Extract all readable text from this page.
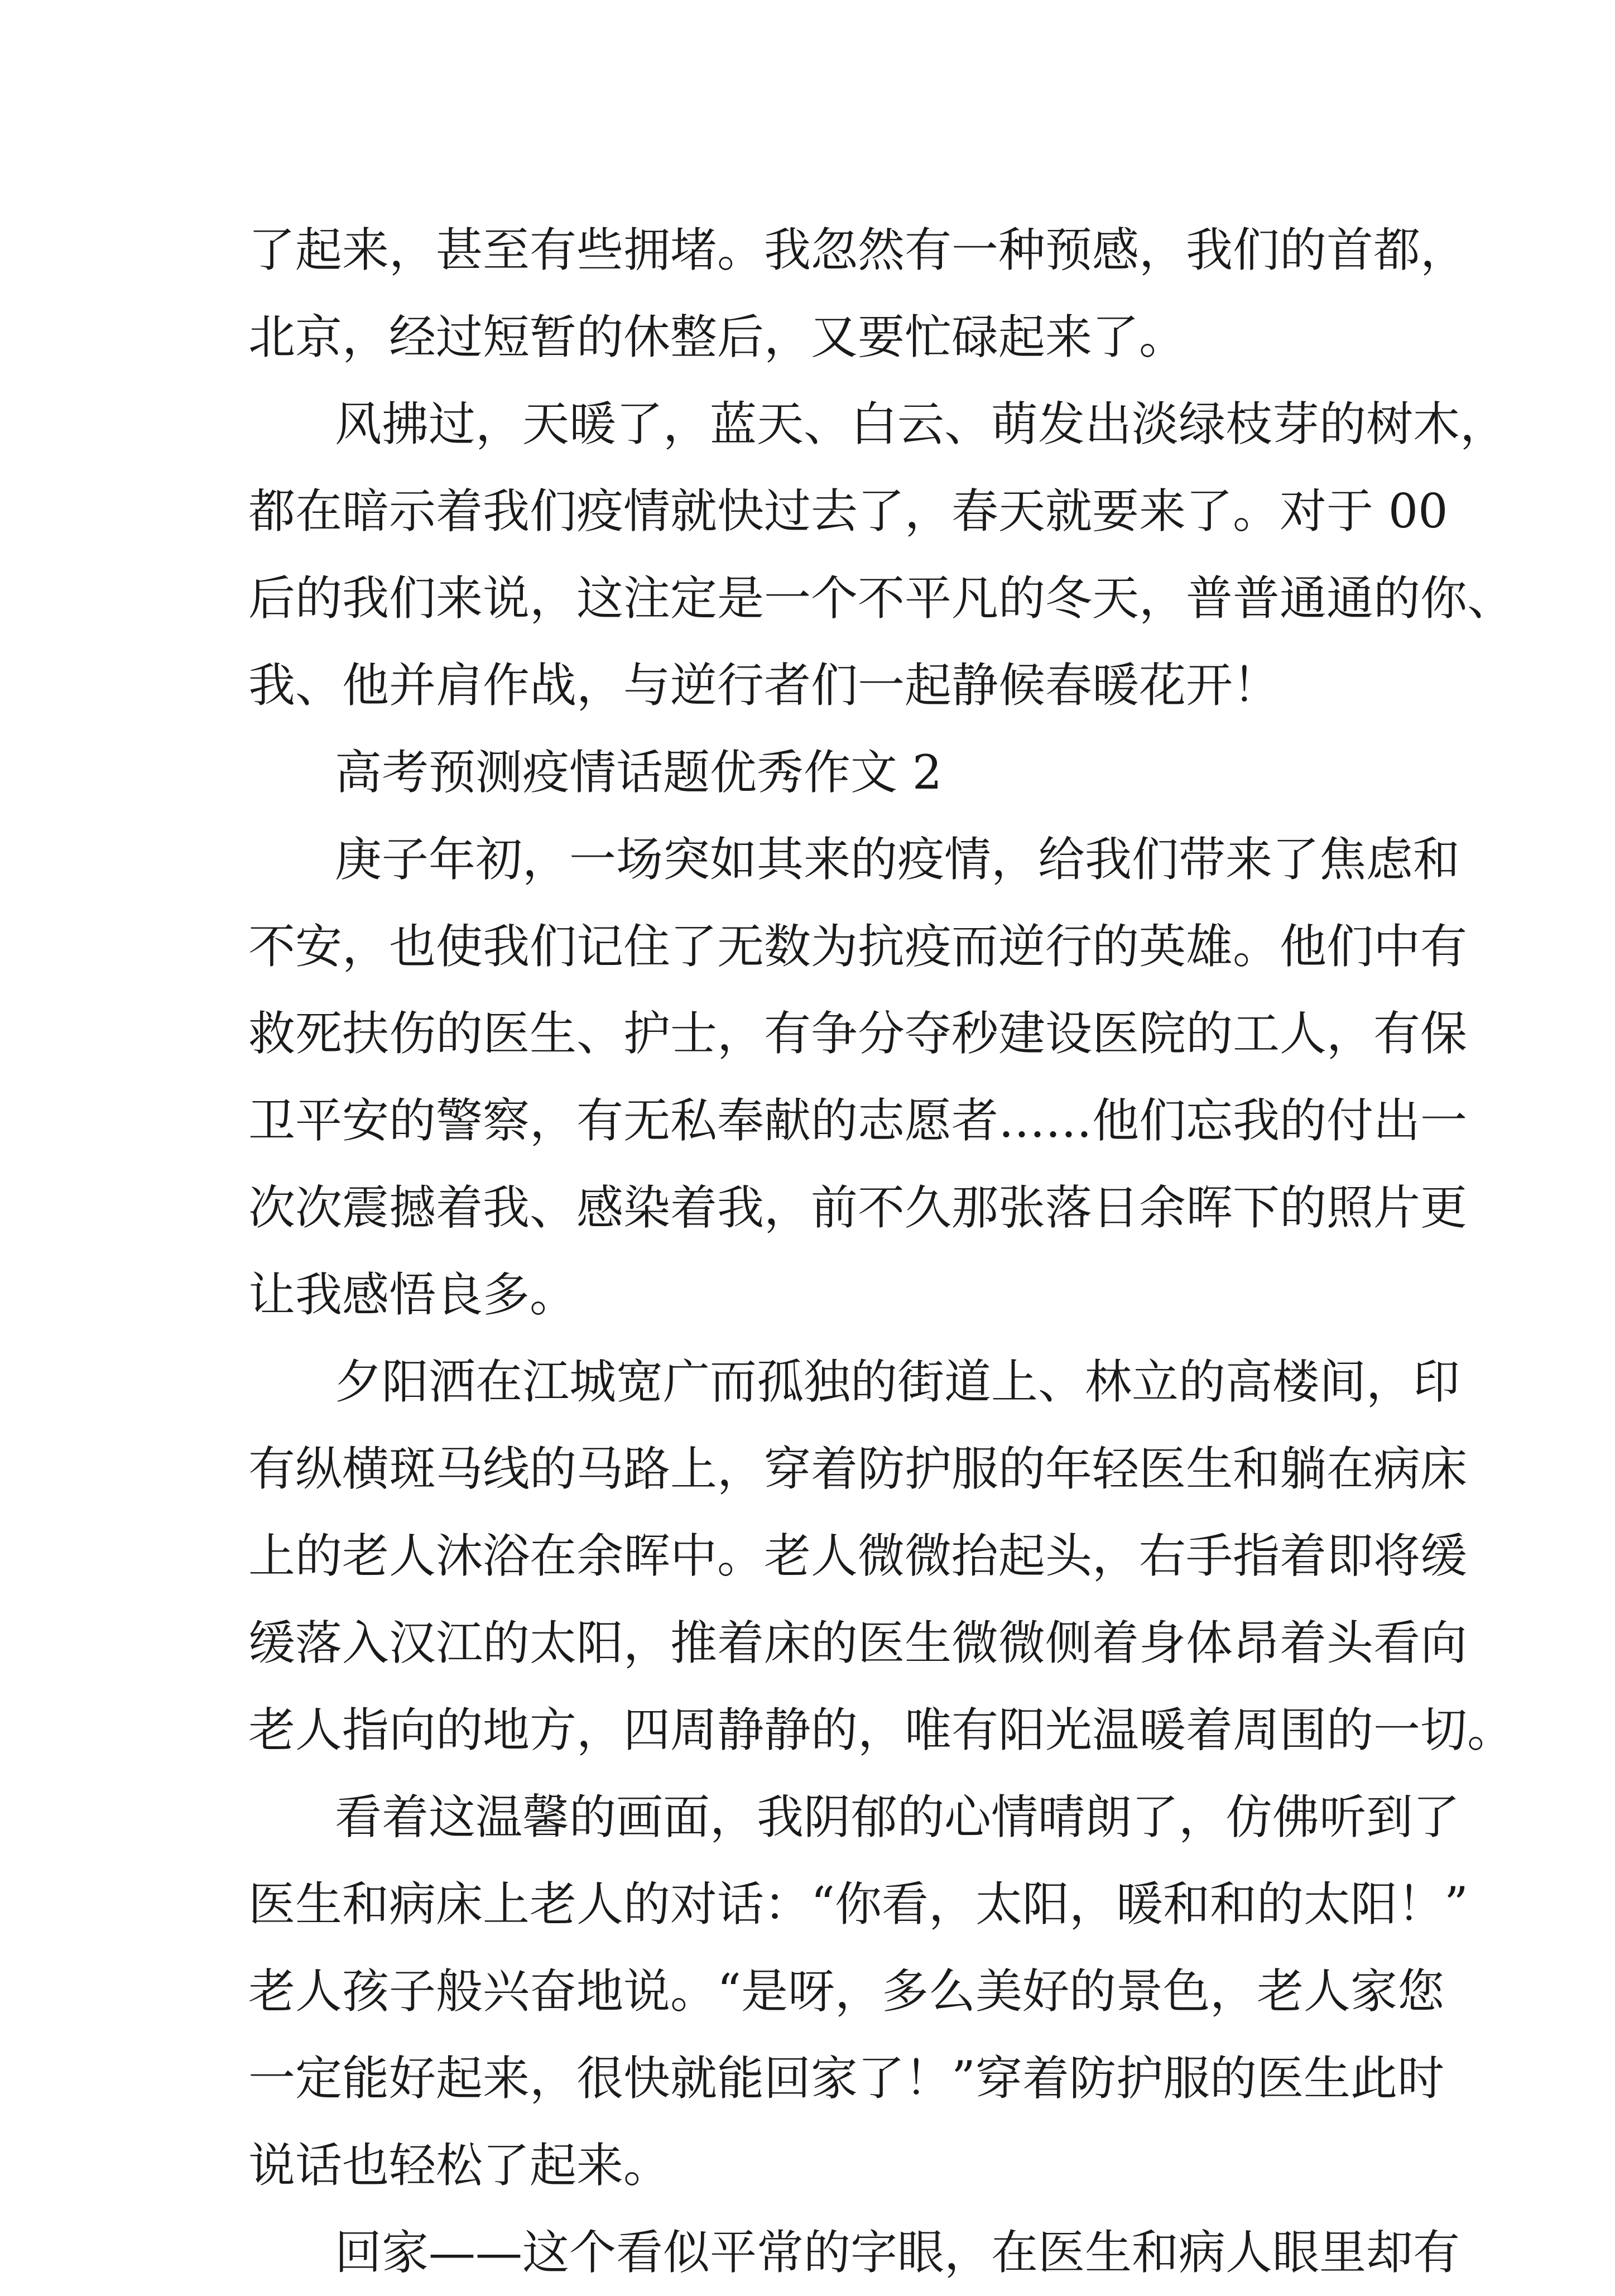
了起来，甚至有些拥堵。我忽然有一种预感，我们的首都，
北京，经过短暂的休整后，又要忙碌起来了。
风拂过，天暖了，蓝天、白云、萌发出淡绿枝芽的树木，
都在暗示着我们疫情就快过去了，春天就要来了。对于 00
后的我们来说，这注定是一个不平凡的冬天，普普通通的你、
我、他并肩作战，与逆行者们一起静候春暖花开！
高考预测疫情话题优秀作文 2
庚子年初，一场突如其来的疫情，给我们带来了焦虑和
不安，也使我们记住了无数为抗疫而逆行的英雄。他们中有
救死扶伤的医生、护士，有争分夺秒建设医院的工人，有保
卫平安的警察，有无私奉献的志愿者……他们忘我的付出一
次次震撼着我、感染着我，前不久那张落日余晖下的照片更
让我感悟良多。
夕阳洒在江城宽广而孤独的街道上、林立的高楼间，印
有纵横斑马线的马路上，穿着防护服的年轻医生和躺在病床
上的老人沐浴在余晖中。老人微微抬起头，右手指着即将缓
缓落入汉江的太阳，推着床的医生微微侧着身体昂着头看向
老人指向的地方，四周静静的，唯有阳光温暖着周围的一切。
看着这温馨的画面，我阴郁的心情晴朗了，仿佛听到了
医生和病床上老人的对话：“你看，太阳，暖和和的太阳！”
老人孩子般兴奋地说。“是呀，多么美好的景色，老人家您
一定能好起来，很快就能回家了！”穿着防护服的医生此时
说话也轻松了起来。
回家——这个看似平常的字眼，在医生和病人眼里却有
